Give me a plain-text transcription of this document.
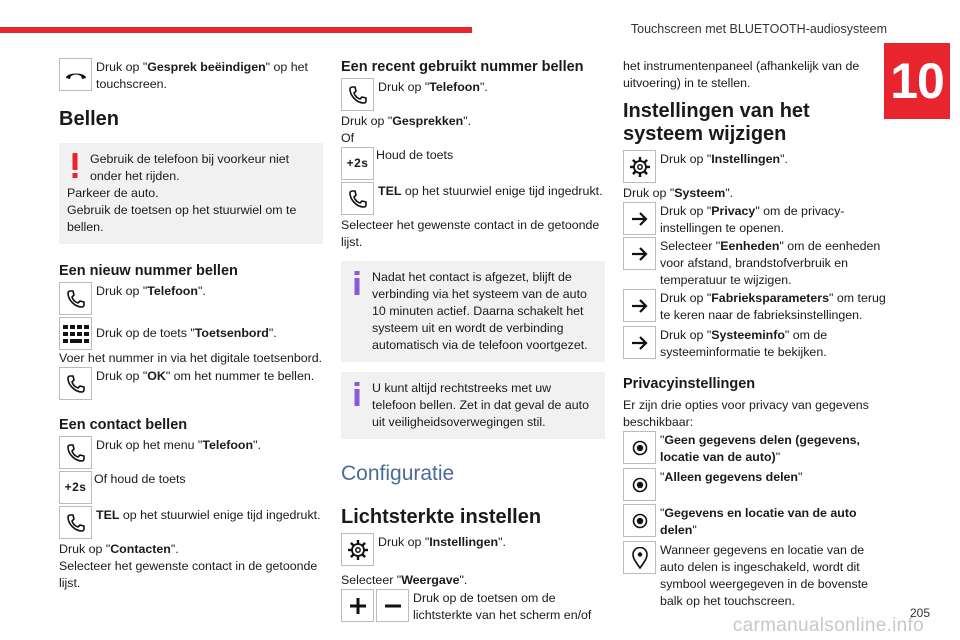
Touchscreen met BLUETOOTH-audiosysteem
10
Druk op "Gesprek beëindigen" op het touchscreen.
Bellen

Gebruik de telefoon bij voorkeur niet onder het rijden.

Parkeer de auto.

Gebruik de toetsen op het stuurwiel om te bellen.

Een nieuw nummer bellen
Druk op "Telefoon".
Druk op de toets "Toetsenbord".

Voer het nummer in via het digitale toetsenbord.

Druk op "OK" om het nummer te bellen.
Een contact bellen
Druk op het menu "Telefoon".
+2s
Of houd de toets
TEL op het stuurwiel enige tijd ingedrukt.

Druk op "Contacten".

Selecteer het gewenste contact in de getoonde lijst.

Een recent gebruikt nummer bellen
Druk op "Telefoon".

Druk op "Gesprekken".

Of

+2s
Houd de toets
TEL op het stuurwiel enige tijd ingedrukt.

Selecteer het gewenste contact in de getoonde lijst.

Nadat het contact is afgezet, blijft de verbinding via het systeem van de auto 10 minuten actief. Daarna schakelt het systeem uit en wordt de verbinding automatisch via de telefoon voortgezet.

U kunt altijd rechtstreeks met uw telefoon bellen. Zet in dat geval de auto uit veiligheidsoverwegingen stil.

Configuratie

Lichtsterkte instellen
Druk op "Instellingen".

Selecteer "Weergave".

Druk op de toetsen om de lichtsterkte van het scherm en/of

het instrumentenpaneel (afhankelijk van de uitvoering) in te stellen.

Instellingen van het systeem wijzigen
Druk op "Instellingen".

Druk op "Systeem".

Druk op "Privacy" om de privacy-instellingen te openen.
Selecteer "Eenheden" om de eenheden voor afstand, brandstofverbruik en temperatuur te wijzigen.
Druk op "Fabrieksparameters" om terug te keren naar de fabrieksinstellingen.
Druk op "Systeeminfo" om de systeeminformatie te bekijken.
Privacyinstellingen

Er zijn drie opties voor privacy van gegevens beschikbaar:

"Geen gegevens delen (gegevens, locatie van de auto)"
"Alleen gegevens delen"
"Gegevens en locatie van de auto delen"
Wanneer gegevens en locatie van de auto delen is ingeschakeld, wordt dit symbool weergegeven in de bovenste balk op het touchscreen.
205
carmanualsonline.info
